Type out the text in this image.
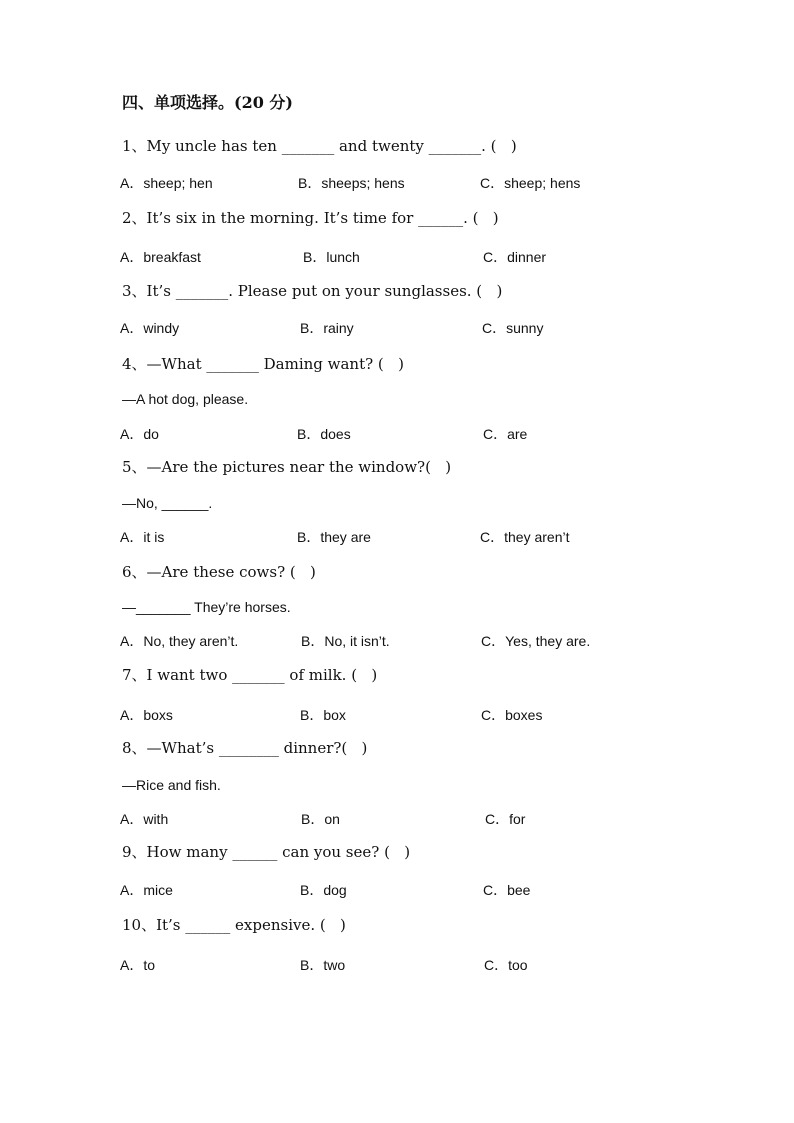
四、单项选择。(20 分)
1、My uncle has ten _______ and twenty _______. (   )
A．sheep; hen	B．sheeps; hens	C．sheep; hens
2、It’s six in the morning. It’s time for ______. (   )
A．breakfast	B．lunch	C．dinner
3、It’s _______. Please put on your sunglasses. (   )
A．windy	B．rainy	C．sunny
4、—What _______ Daming want? (   )
—A hot dog, please.
A．do	B．does	C．are
5、—Are the pictures near the window?(   )
—No, ______.
A．it is	B．they are	C．they aren’t
6、—Are these cows? (   )
—_______ They’re horses.
A．No, they aren’t.	B．No, it isn’t.	C．Yes, they are.
7、I want two _______ of milk. (   )
A．boxs	B．box	C．boxes
8、—What’s ________ dinner?(   )
—Rice and fish.
A．with	B．on	C．for
9、How many ______ can you see? (   )
A．mice	B．dog	C．bee
10、It’s ______ expensive. (   )
A．to	B．two	C．too
